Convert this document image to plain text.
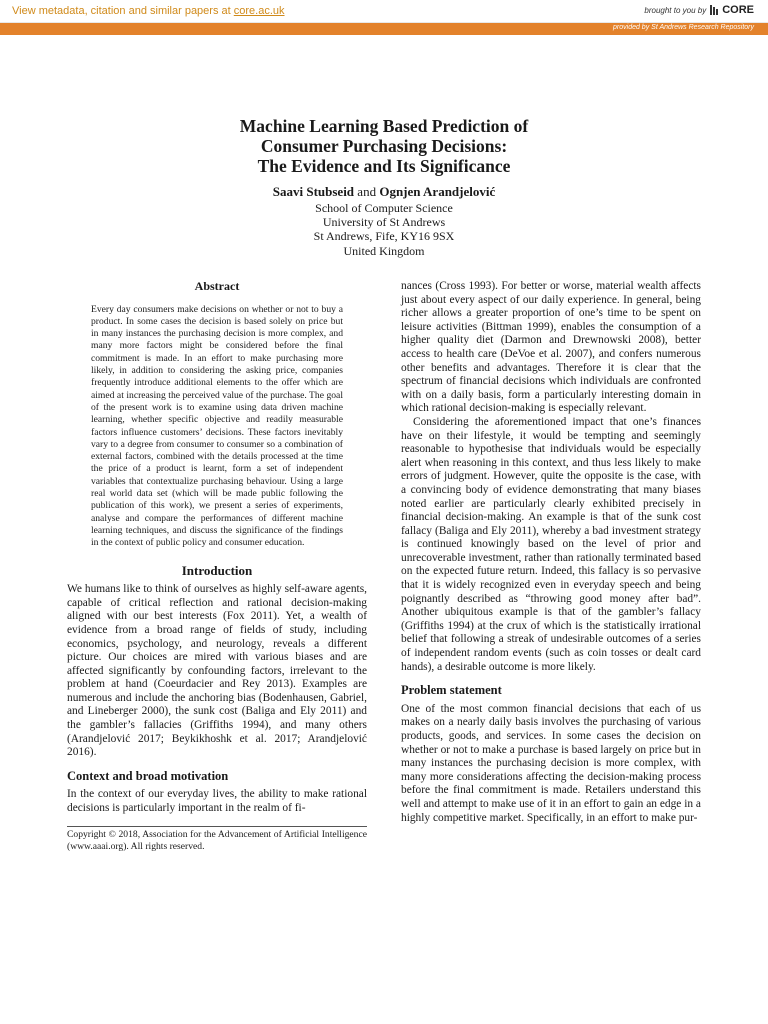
View metadata, citation and similar papers at core.ac.uk	brought to you by CORE
provided by St Andrews Research Repository
Machine Learning Based Prediction of
Consumer Purchasing Decisions:
The Evidence and Its Significance
Saavi Stubseid and Ognjen Arandjelović
School of Computer Science
University of St Andrews
St Andrews, Fife, KY16 9SX
United Kingdom
Abstract

Every day consumers make decisions on whether or not to buy a product. In some cases the decision is based solely on price but in many instances the purchasing decision is more complex, and many more factors might be considered before the final commitment is made. In an effort to make purchasing more likely, in addition to considering the asking price, companies frequently introduce additional elements to the offer which are aimed at increasing the perceived value of the purchase. The goal of the present work is to examine using data driven machine learning, whether specific objective and readily measurable factors influence customers’ decisions. These factors inevitably vary to a degree from consumer to consumer so a combination of external factors, combined with the details processed at the time the price of a product is learnt, form a set of independent variables that contextualize purchasing behaviour. Using a large real world data set (which will be made public following the publication of this work), we present a series of experiments, analyse and compare the performances of different machine learning techniques, and discuss the significance of the findings in the context of public policy and consumer education.

Introduction

We humans like to think of ourselves as highly self-aware agents, capable of critical reflection and rational decision-making aligned with our best interests (Fox 2011). Yet, a wealth of evidence from a broad range of fields of study, including economics, psychology, and neurology, reveals a different picture. Our choices are mired with various biases and are affected significantly by confounding factors, irrelevant to the problem at hand (Coeurdacier and Rey 2013). Examples are numerous and include the anchoring bias (Bodenhausen, Gabriel, and Lineberger 2000), the sunk cost (Baliga and Ely 2011) and the gambler’s fallacies (Griffiths 1994), and many others (Arandjelović 2017; Beykikhoshk et al. 2017; Arandjelović 2016).

Context and broad motivation

In the context of our everyday lives, the ability to make rational decisions is particularly important in the realm of fi-

Copyright © 2018, Association for the Advancement of Artificial Intelligence (www.aaai.org). All rights reserved.

nances (Cross 1993). For better or worse, material wealth affects just about every aspect of our daily experience. In general, being richer allows a greater proportion of one’s time to be spent on leisure activities (Bittman 1999), enables the consumption of a higher quality diet (Darmon and Drewnowski 2008), better access to health care (DeVoe et al. 2007), and confers numerous other benefits and advantages. Therefore it is clear that the spectrum of financial decisions which individuals are confronted with on a daily basis, form a particularly interesting domain in which rational decision-making is especially relevant.

Considering the aforementioned impact that one’s finances have on their lifestyle, it would be tempting and seemingly reasonable to hypothesise that individuals would be especially alert when reasoning in this context, and thus less likely to make errors of judgment. However, quite the opposite is the case, with a convincing body of evidence demonstrating that many biases noted earlier are particularly clearly exhibited precisely in financial decision-making. An example is that of the sunk cost fallacy (Baliga and Ely 2011), whereby a bad investment strategy is continued knowingly based on the level of prior and unrecoverable investment, rather than rationally terminated based on the expected future return. Indeed, this fallacy is so pervasive that it is widely recognized even in everyday speech and being poignantly described as “throwing good money after bad”. Another ubiquitous example is that of the gambler’s fallacy (Griffiths 1994) at the crux of which is the statistically irrational belief that following a streak of undesirable outcomes of a series of independent random events (such as coin tosses or dealt card hands), a desirable outcome is more likely.

Problem statement

One of the most common financial decisions that each of us makes on a nearly daily basis involves the purchasing of various products, goods, and services. In some cases the decision on whether or not to make a purchase is based largely on price but in many instances the purchasing decision is more complex, with many more considerations affecting the decision-making process before the final commitment is made. Retailers understand this well and attempt to make use of it in an effort to gain an edge in a highly competitive market. Specifically, in an effort to make pur-
